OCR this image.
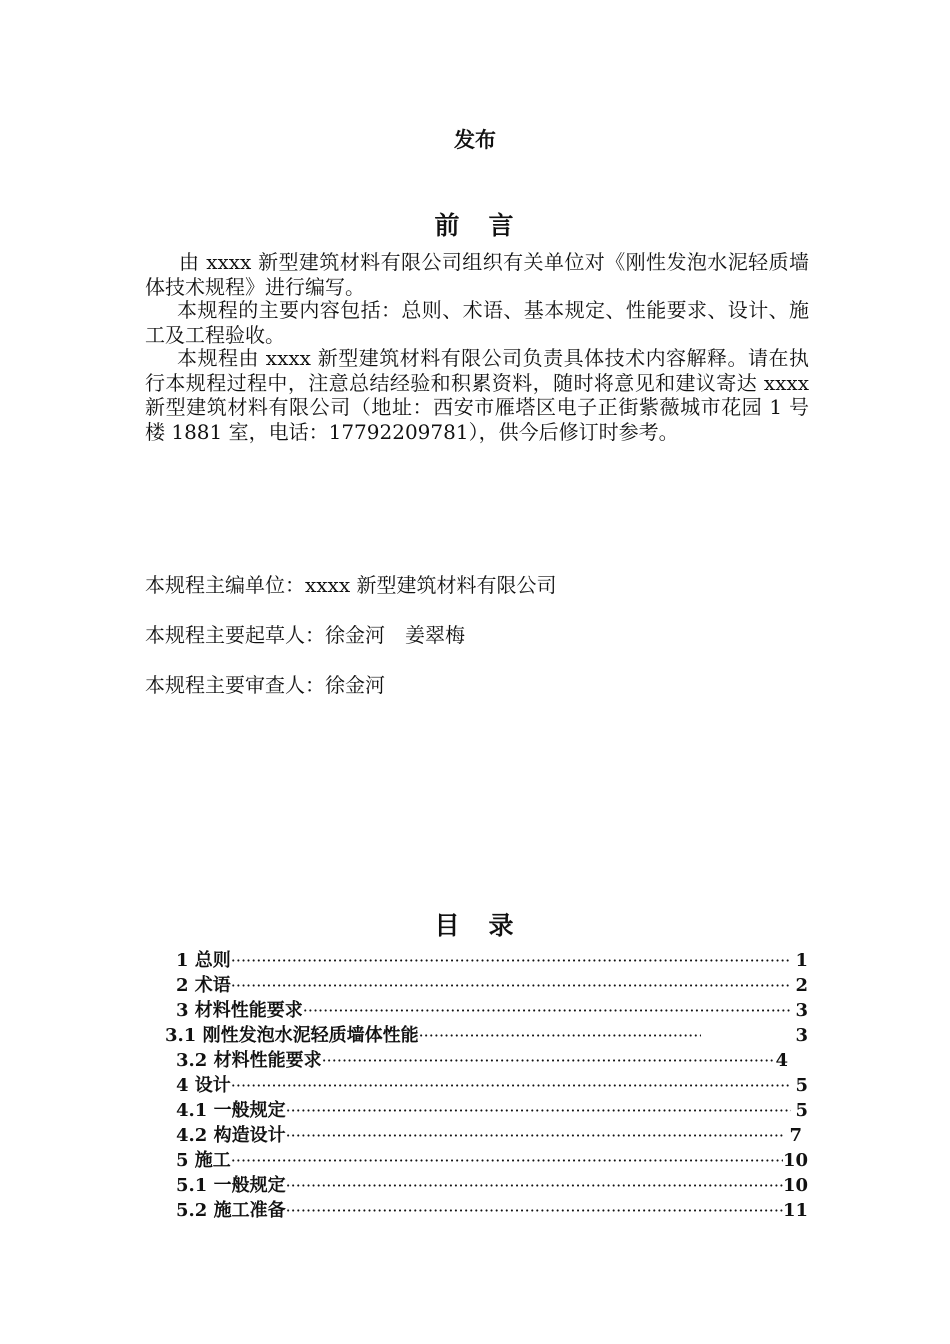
发布
前　言

由 xxxx 新型建筑材料有限公司组织有关单位对《刚性发泡水泥轻质墙体技术规程》进行编写。

本规程的主要内容包括：总则、术语、基本规定、性能要求、设计、施工及工程验收。

本规程由 xxxx 新型建筑材料有限公司负责具体技术内容解释。请在执行本规程过程中，注意总结经验和积累资料，随时将意见和建议寄达 xxxx 新型建筑材料有限公司（地址：西安市雁塔区电子正街紫薇城市花园 1 号楼 1881 室，电话：17792209781），供今后修订时参考。

本规程主编单位：xxxx 新型建筑材料有限公司
本规程主要起草人：徐金河　姜翠梅
本规程主要审查人：徐金河
目　录
1 总则 ·····	1
2 术语 ·····	2
3 材料性能要求 ·····	3
3.1 刚性发泡水泥轻质墙体性能 ·····	3
3.2 材料性能要求 ·····	4
4 设计 ·····	5
4.1 一般规定 ·····	5
4.2 构造设计 ·····	7
5 施工 ·····	10
5.1 一般规定 ·····	10
5.2 施工准备 ·····	11
